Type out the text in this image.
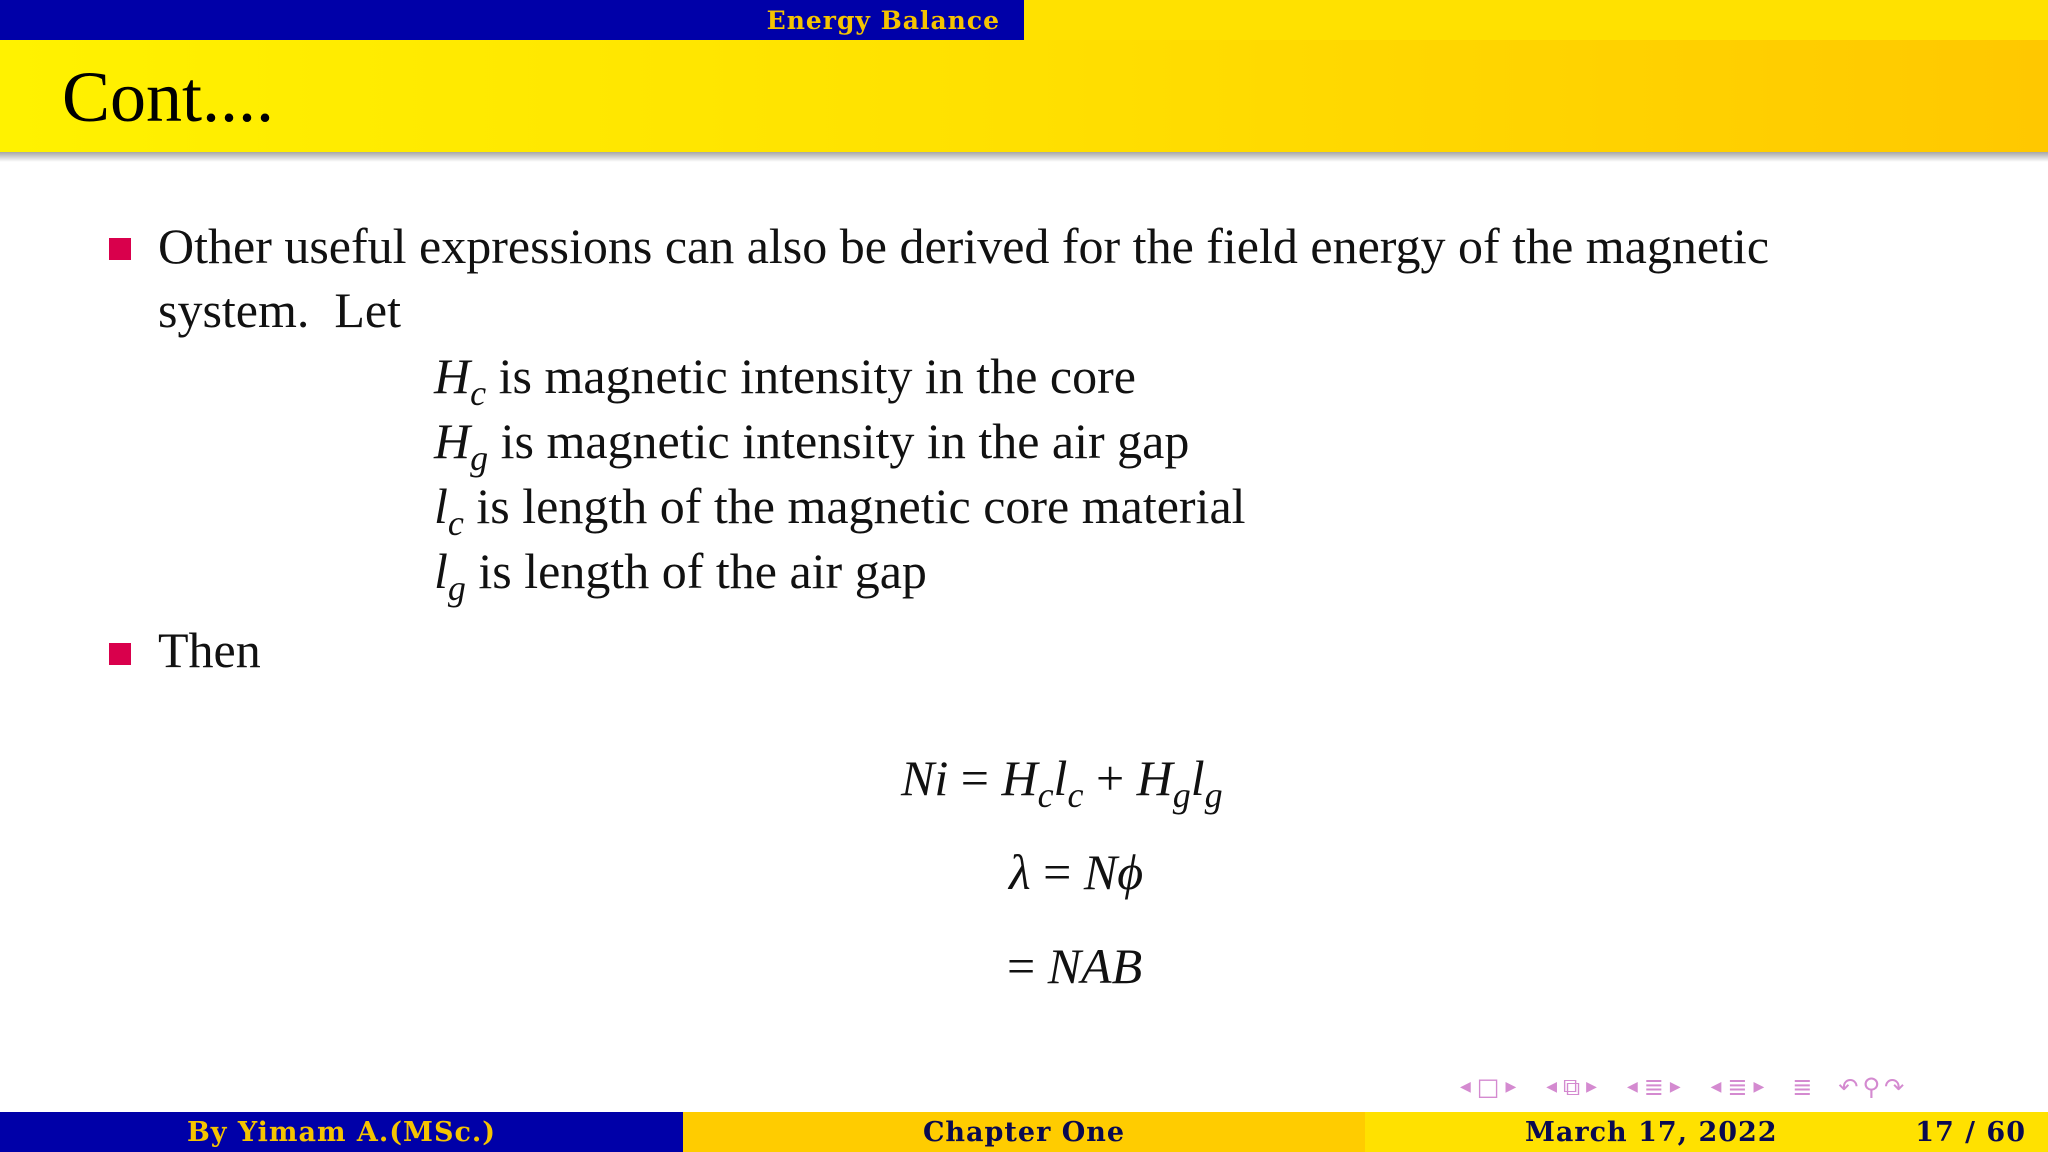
Energy Balance
Cont....
Other useful expressions can also be derived for the field energy of the magnetic
system.  Let
$H_c$ is magnetic intensity in the core
$H_g$ is magnetic intensity in the air gap
$l_c$ is length of the magnetic core material
$l_g$ is length of the air gap
Then

$Ni = H_cl_c + H_gl_g$

λ = Nϕ

= NAB

◀ □ ▶ ◀ ⧉ ▶ ◀ ≣ ▶ ◀ ≣ ▶ ≣ ↶ ⚲ ↷
By Yimam A.(MSc.)	Chapter One	March 17, 2022	17 / 60
